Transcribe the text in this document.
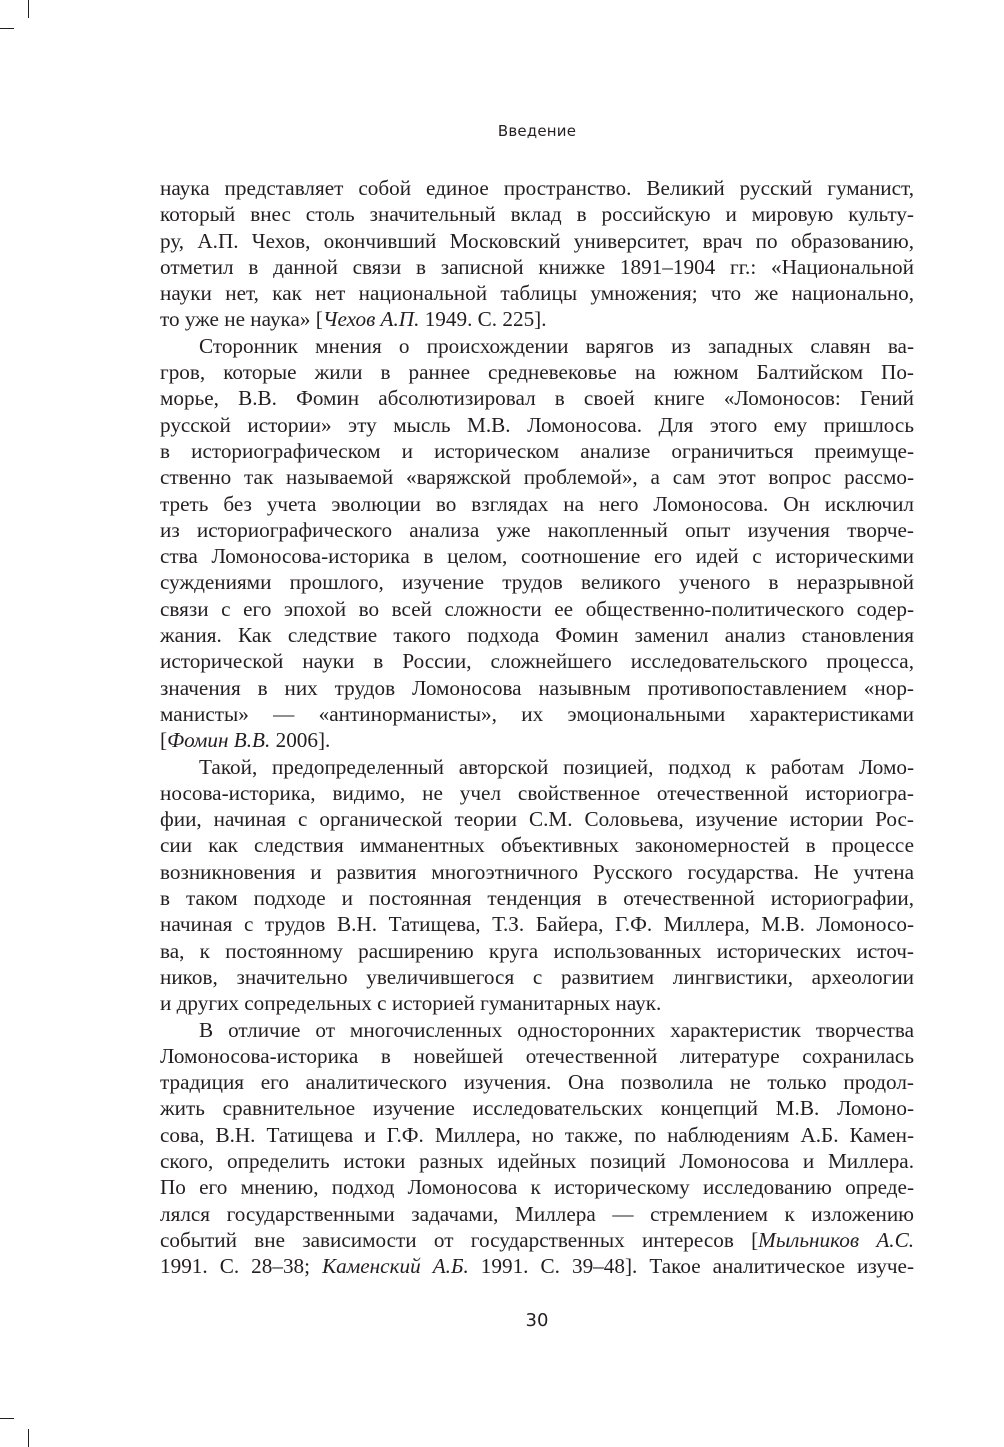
Введение

наука представляет собой единое пространство. Великий русский гуманист,
который внес столь значительный вклад в российскую и мировую культу-
ру, А.П. Чехов, окончивший Московский университет, врач по образованию,
отметил в данной связи в записной книжке 1891–1904 гг.: «Национальной
науки нет, как нет национальной таблицы умножения; что же национально,
то уже не наука» [Чехов А.П. 1949. С. 225].

Сторонник мнения о происхождении варягов из западных славян ва-
гров, которые жили в раннее средневековье на южном Балтийском По-
морье, В.В. Фомин абсолютизировал в своей книге «Ломоносов: Гений
русской истории» эту мысль М.В. Ломоносова. Для этого ему пришлось
в историографическом и историческом анализе ограничиться преимуще-
ственно так называемой «варяжской проблемой», а сам этот вопрос рассмо-
треть без учета эволюции во взглядах на него Ломоносова. Он исключил
из историографического анализа уже накопленный опыт изучения творче-
ства Ломоносова-историка в целом, соотношение его идей с историческими
суждениями прошлого, изучение трудов великого ученого в неразрывной
связи с его эпохой во всей сложности ее общественно-политического содер-
жания. Как следствие такого подхода Фомин заменил анализ становления
исторической науки в России, сложнейшего исследовательского процесса,
значения в них трудов Ломоносова назывным противопоставлением «нор-
манисты» — «антинорманисты», их эмоциональными характеристиками
[Фомин В.В. 2006].

Такой, предопределенный авторской позицией, подход к работам Ломо-
носова-историка, видимо, не учел свойственное отечественной историогра-
фии, начиная с органической теории С.М. Соловьева, изучение истории Рос-
сии как следствия имманентных объективных закономерностей в процессе
возникновения и развития многоэтничного Русского государства. Не учтена
в таком подходе и постоянная тенденция в отечественной историографии,
начиная с трудов В.Н. Татищева, Т.З. Байера, Г.Ф. Миллера, М.В. Ломоносо-
ва, к постоянному расширению круга использованных исторических источ-
ников, значительно увеличившегося с развитием лингвистики, археологии
и других сопредельных с историей гуманитарных наук.

В отличие от многочисленных односторонних характеристик творчества
Ломоносова-историка в новейшей отечественной литературе сохранилась
традиция его аналитического изучения. Она позволила не только продол-
жить сравнительное изучение исследовательских концепций М.В. Ломоно-
сова, В.Н. Татищева и Г.Ф. Миллера, но также, по наблюдениям А.Б. Камен-
ского, определить истоки разных идейных позиций Ломоносова и Миллера.
По его мнению, подход Ломоносова к историческому исследованию опреде-
лялся государственными задачами, Миллера — стремлением к изложению
событий вне зависимости от государственных интересов [Мыльников А.С.
1991. С. 28–38; Каменский А.Б. 1991. С. 39–48]. Такое аналитическое изуче-

30
